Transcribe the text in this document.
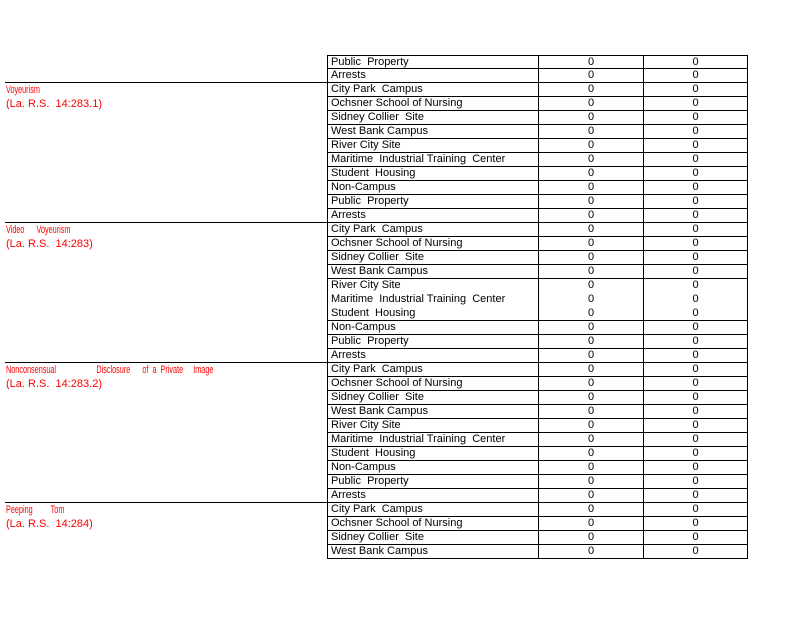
Public  Property	0	0
Arrests	0	0
Voyeurism
(La. R.S.  14:283.1)
City Park  Campus	0	0
Ochsner School of Nursing	0	0
Sidney Collier  Site	0	0
West Bank Campus	0	0
River City Site	0	0
Maritime  Industrial Training  Center	0	0
Student  Housing	0	0
Non-Campus	0	0
Public  Property	0	0
Arrests	0	0
Video      Voyeurism
(La. R.S.  14:283)
City Park  Campus	0	0
Ochsner School of Nursing	0	0
Sidney Collier  Site	0	0
West Bank Campus	0	0
River City Site	0	0
Maritime  Industrial Training  Center	0	0
Student  Housing	0	0
Non-Campus	0	0
Public  Property	0	0
Arrests	0	0
Nonconsensual                    Disclosure      of  a  Private     Image
(La. R.S.  14:283.2)
City Park  Campus	0	0
Ochsner School of Nursing	0	0
Sidney Collier  Site	0	0
West Bank Campus	0	0
River City Site	0	0
Maritime  Industrial Training  Center	0	0
Student  Housing	0	0
Non-Campus	0	0
Public  Property	0	0
Arrests	0	0
Peeping         Tom
(La. R.S.  14:284)
City Park  Campus	0	0
Ochsner School of Nursing	0	0
Sidney Collier  Site	0	0
West Bank Campus	0	0
